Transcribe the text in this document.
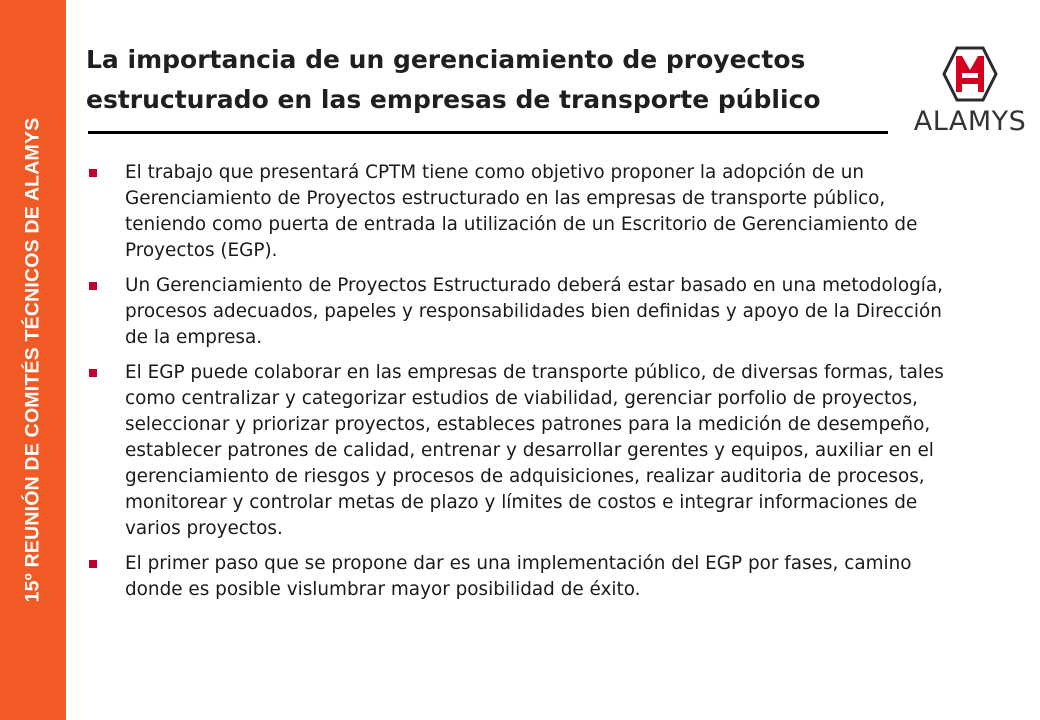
15º REUNIÓN DE COMITÉS TÉCNICOS DE ALAMYS
La importancia de un gerenciamiento de proyectos
estructurado en las empresas de transporte público
ALAMYS
El trabajo que presentará CPTM tiene como objetivo proponer la adopción de un Gerenciamiento de Proyectos estructurado en las empresas de transporte público, teniendo como puerta de entrada la utilización de un Escritorio de Gerenciamiento de Proyectos (EGP).
Un Gerenciamiento de Proyectos Estructurado deberá estar basado en una metodología, procesos adecuados, papeles y responsabilidades bien definidas y apoyo de la Dirección de la empresa.
El EGP puede colaborar en las empresas de transporte público, de diversas formas, tales como centralizar y categorizar estudios de viabilidad, gerenciar porfolio de proyectos, seleccionar y priorizar proyectos, estableces patrones para la medición de desempeño, establecer patrones de calidad, entrenar y desarrollar gerentes y equipos, auxiliar en el gerenciamiento de riesgos y procesos de adquisiciones, realizar auditoria de procesos, monitorear y controlar metas de plazo y límites de costos e integrar informaciones de varios proyectos.
El primer paso que se propone dar es una implementación del EGP por fases, camino donde es posible vislumbrar mayor posibilidad de éxito.
